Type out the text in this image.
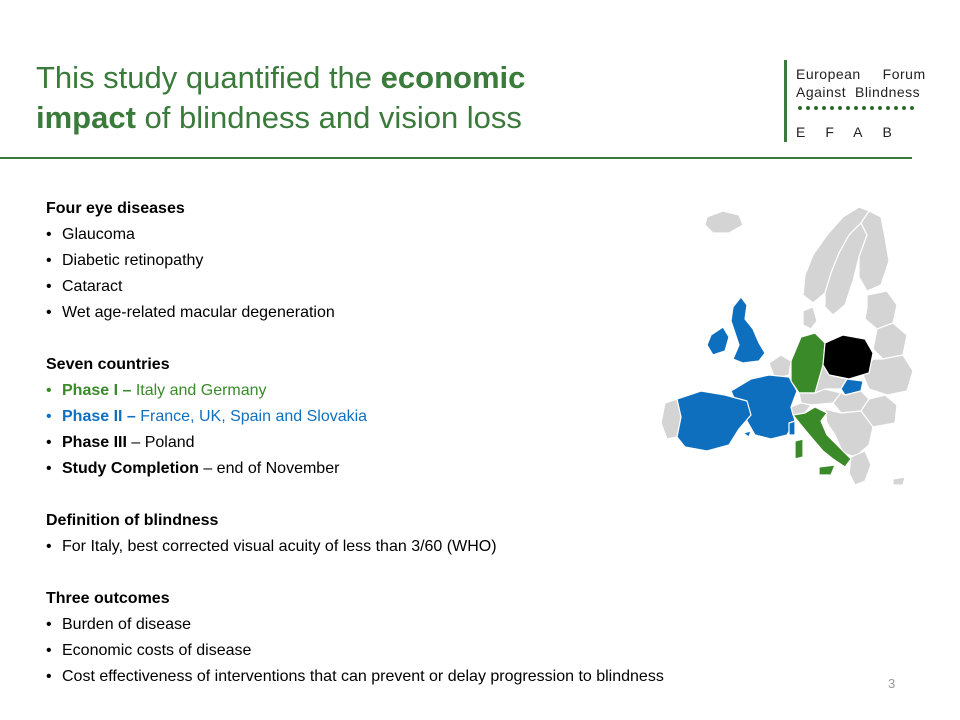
This study quantified the economic
impact of blindness and vision loss
European     Forum
Against  Blindness
EFAB
Four eye diseases
• Glaucoma
• Diabetic retinopathy
• Cataract
• Wet age-related macular degeneration
Seven countries
• Phase I – Italy and Germany
• Phase II – France, UK, Spain and Slovakia
• Phase III – Poland
• Study Completion – end of November
Definition of blindness
• For Italy, best corrected visual acuity of less than 3/60 (WHO)
Three outcomes
• Burden of disease
• Economic costs of disease
• Cost effectiveness of interventions that can prevent or delay progression to blindness	3
